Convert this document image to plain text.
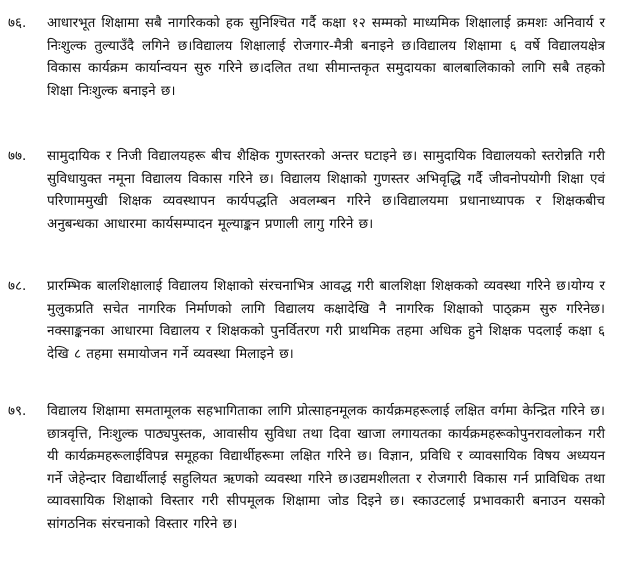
७६. आधारभूत शिक्षामा सबै नागरिकको हक सुनिश्चित गर्दै कक्षा १२ सम्मको माध्यमिक शिक्षालाई क्रमशः अनिवार्य र निःशुल्क तुल्याउँदै लगिने छ।विद्यालय शिक्षालाई रोजगार-मैत्री बनाइने छ।विद्यालय शिक्षामा ६ वर्षे विद्यालयक्षेत्र विकास कार्यक्रम कार्यान्वयन सुरु गरिने छ।दलित तथा सीमान्तकृत समुदायका बालबालिकाको लागि सबै तहको शिक्षा निःशुल्क बनाइने छ।
७७. सामुदायिक र निजी विद्यालयहरू बीच शैक्षिक गुणस्तरको अन्तर घटाइने छ। सामुदायिक विद्यालयको स्तरोन्नति गरी सुविधायुक्त नमूना विद्यालय विकास गरिने छ। विद्यालय शिक्षाको गुणस्तर अभिवृद्धि गर्दै जीवनोपयोगी शिक्षा एवं परिणाममुखी शिक्षक व्यवस्थापन कार्यपद्धति अवलम्बन गरिने छ।विद्यालयमा प्रधानाध्यापक र शिक्षकबीच अनुबन्धका आधारमा कार्यसम्पादन मूल्याङ्कन प्रणाली लागु गरिने छ।
७८. प्रारम्भिक बालशिक्षालाई विद्यालय शिक्षाको संरचनाभित्र आवद्ध गरी बालशिक्षा शिक्षकको व्यवस्था गरिने छ।योग्य र मुलुकप्रति सचेत नागरिक निर्माणको लागि विद्यालय कक्षादेखि नै नागरिक शिक्षाको पाठ्क्रम सुरु गरिनेछ। नक्साङ्कनका आधारमा विद्यालय र शिक्षकको पुनर्वितरण गरी प्राथमिक तहमा अधिक हुने शिक्षक पदलाई कक्षा ६ देखि ८ तहमा समायोजन गर्ने व्यवस्था मिलाइने छ।
७९. विद्यालय शिक्षामा समतामूलक सहभागिताका लागि प्रोत्साहनमूलक कार्यक्रमहरूलाई लक्षित वर्गमा केन्द्रित गरिने छ। छात्रवृत्ति, निःशुल्क पाठ्यपुस्तक, आवासीय सुविधा तथा दिवा खाजा लगायतका कार्यक्रमहरूकोपुनरावलोकन गरी यी कार्यक्रमहरूलाईविपन्न समूहका विद्यार्थीहरूमा लक्षित गरिने छ। विज्ञान, प्रविधि र व्यावसायिक विषय अध्ययन गर्ने जेहेन्दार विद्यार्थीलाई सहुलियत ऋणको व्यवस्था गरिने छ।उद्यमशीलता र रोजगारी विकास गर्न प्राविधिक तथा व्यावसायिक शिक्षाको विस्तार गरी सीपमूलक शिक्षामा जोड दिइने छ। स्काउटलाई प्रभावकारी बनाउन यसको सांगठनिक संरचनाको विस्तार गरिने छ।
